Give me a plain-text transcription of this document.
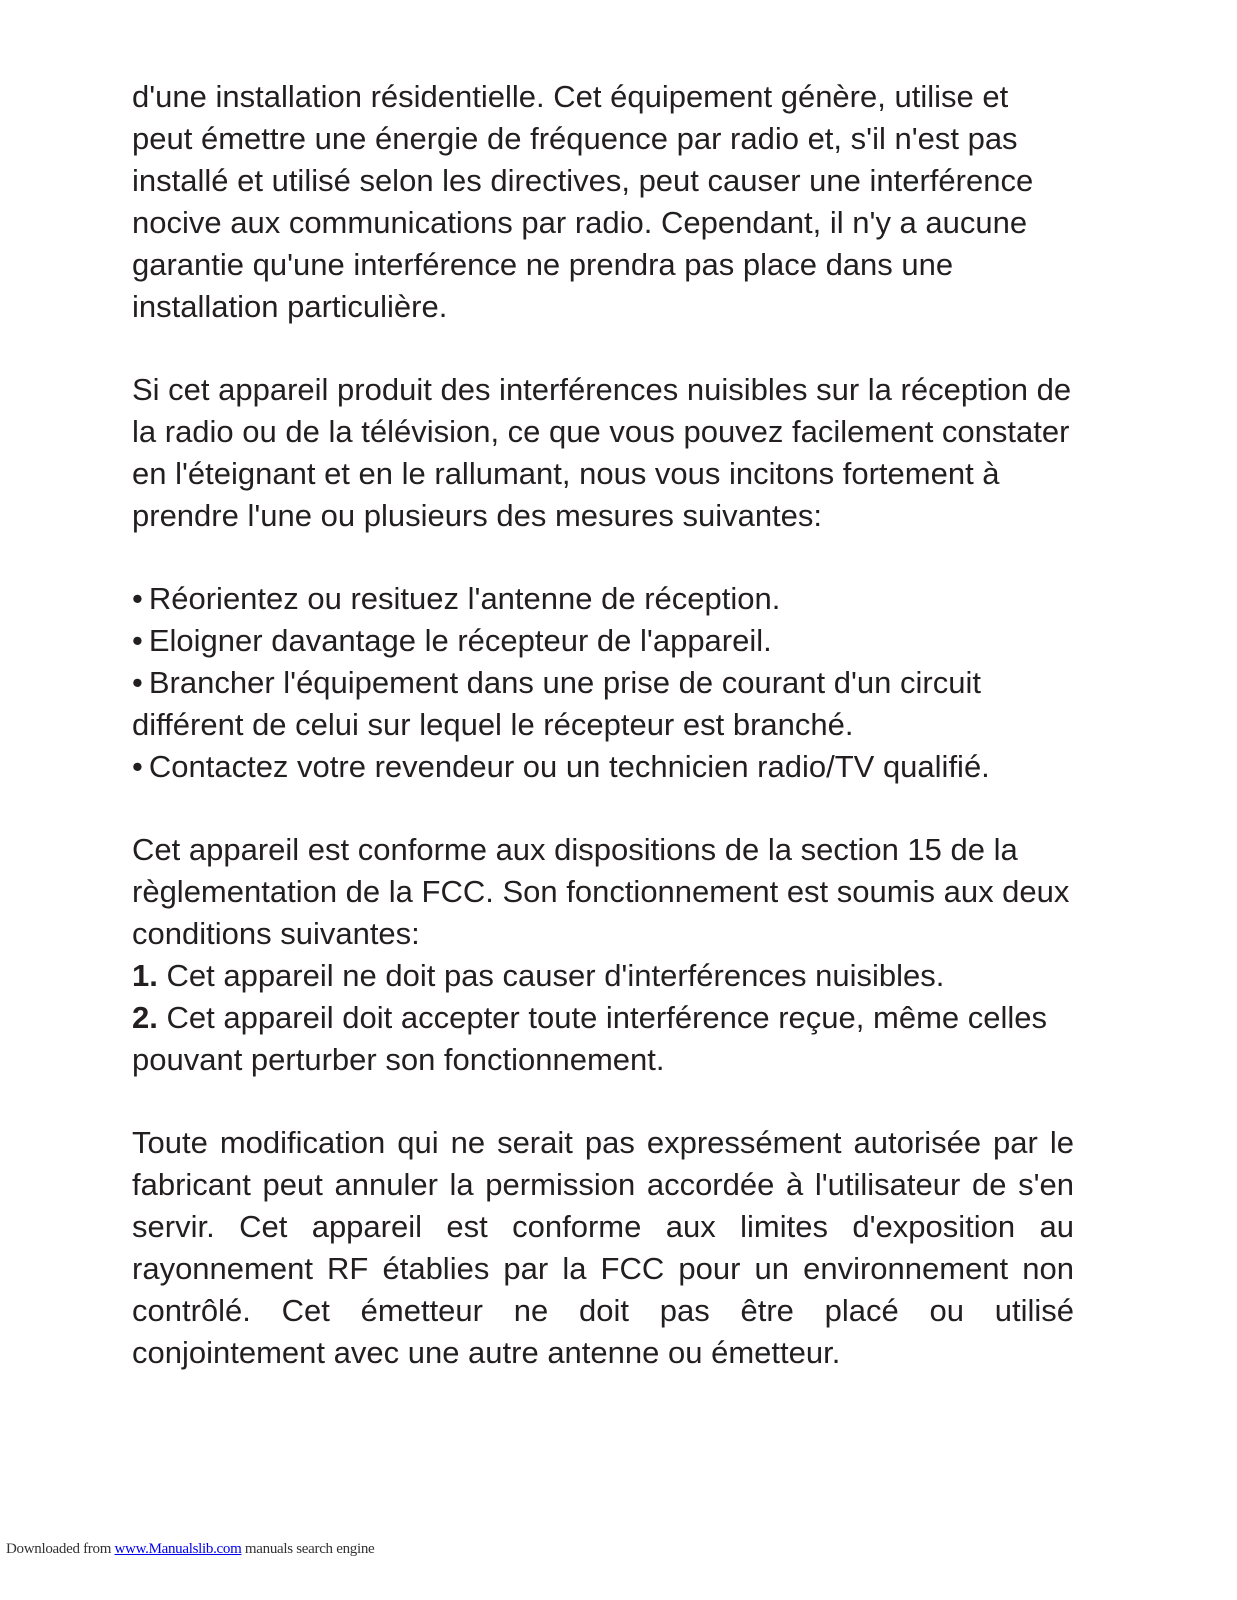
d'une installation résidentielle. Cet équipement génère, utilise et peut émettre une énergie de fréquence par radio et, s'il n'est pas installé et utilisé selon les directives, peut causer une interférence nocive aux communications par radio. Cependant, il n'y a aucune garantie qu'une interférence ne prendra pas place dans une installation particulière.

Si cet appareil produit des interférences nuisibles sur la réception de la radio ou de la télévision, ce que vous pouvez facilement constater en l'éteignant et en le rallumant, nous vous incitons fortement à prendre l'une ou plusieurs des mesures suivantes:

• Réorientez ou resituez l'antenne de réception.
• Eloigner davantage le récepteur de l'appareil.
• Brancher l'équipement dans une prise de courant d'un circuit différent de celui sur lequel le récepteur est branché.
• Contactez votre revendeur ou un technicien radio/TV qualifié.
Cet appareil est conforme aux dispositions de la section 15 de la règlementation de la FCC. Son fonctionnement est soumis aux deux conditions suivantes:
1. Cet appareil ne doit pas causer d'interférences nuisibles.
2. Cet appareil doit accepter toute interférence reçue, même celles pouvant perturber son fonctionnement.

Toute modification qui ne serait pas expressément autorisée par le fabricant peut annuler la permission accordée à l'utilisateur de s'en servir. Cet appareil est conforme aux limites d'exposition au rayonnement RF établies par la FCC pour un environnement non contrôlé. Cet émetteur ne doit pas être placé ou utilisé conjointement avec une autre antenne ou émetteur.

Downloaded from www.Manualslib.com manuals search engine
